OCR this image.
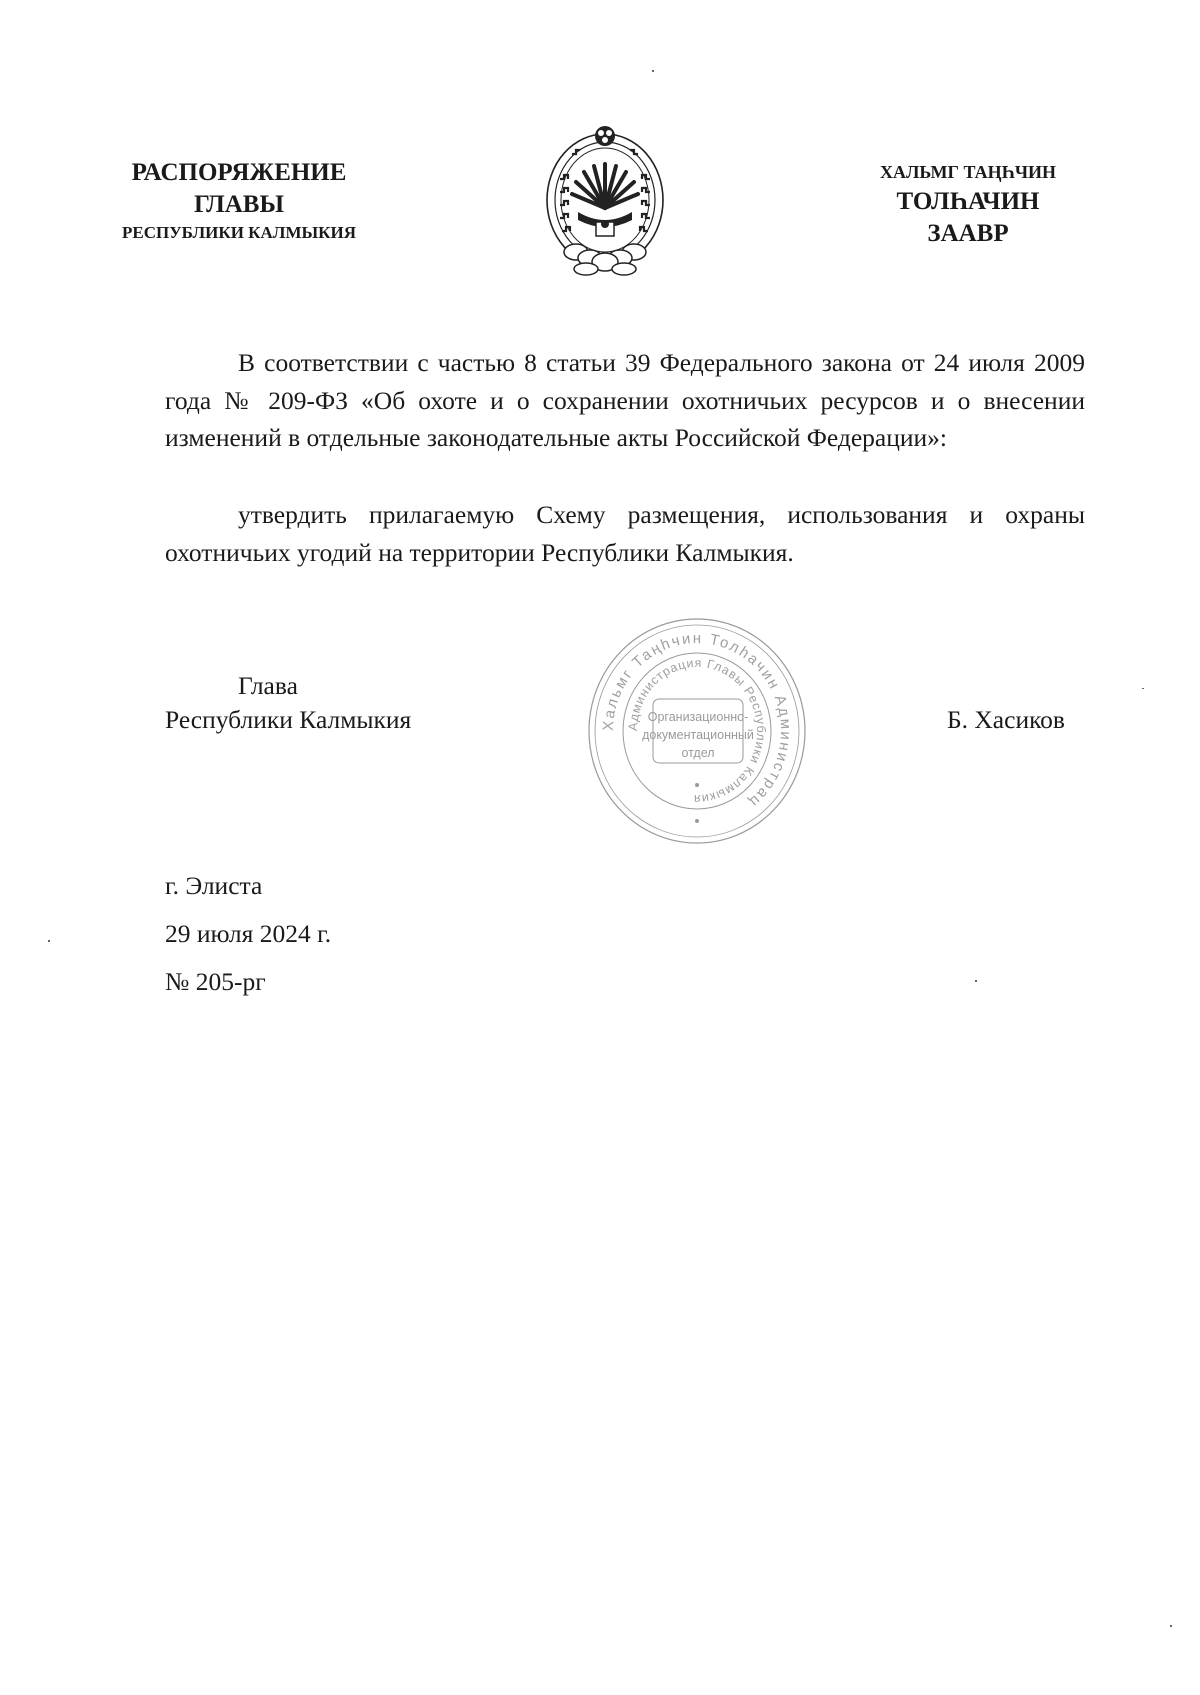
РАСПОРЯЖЕНИЕ
ГЛАВЫ
РЕСПУБЛИКИ КАЛМЫКИЯ
ХАЛЬМГ ТАҢҺЧИН
ТОЛҺАЧИН
ЗААВР

В соответствии с частью 8 статьи 39 Федерального закона от 24 июля 2009 года № 209-ФЗ «Об охоте и о сохранении охотничьих ресурсов и о внесении изменений в отдельные законодательные акты Российской Федерации»:

утвердить прилагаемую Схему размещения, использования и охраны охотничьих угодий на территории Республики Калмыкия.

Глава
Республики Калмыкия	Б. Хасиков
Хальмг Таңһчин Толһачин Администрац
Администрация Главы Республики Калмыкия
Организационно-
документационный
отдел
г. Элиста
29 июля 2024 г.
№ 205-рг
